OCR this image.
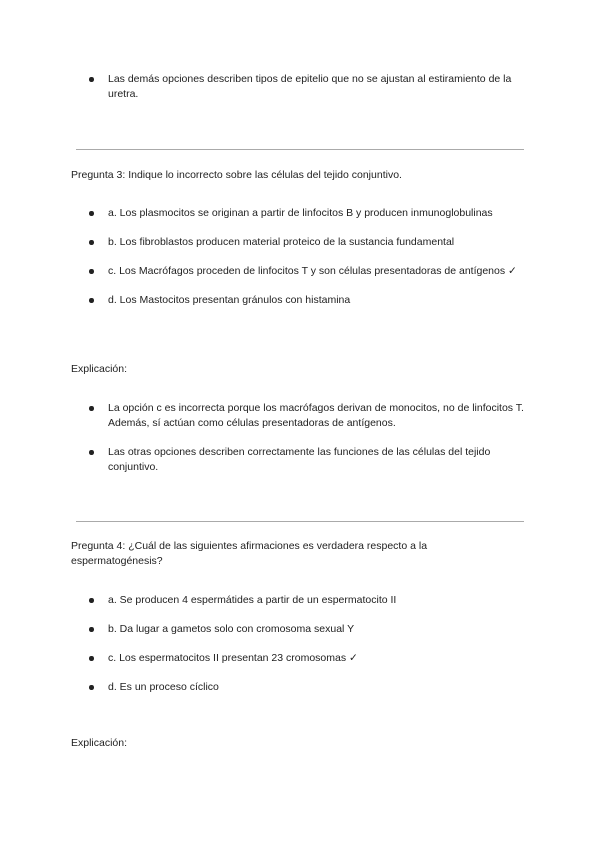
Las demás opciones describen tipos de epitelio que no se ajustan al estiramiento de la uretra.

Pregunta 3: Indique lo incorrecto sobre las células del tejido conjuntivo.

a. Los plasmocitos se originan a partir de linfocitos B y producen inmunoglobulinas
b. Los fibroblastos producen material proteico de la sustancia fundamental
c. Los Macrófagos proceden de linfocitos T y son células presentadoras de antígenos ✓
d. Los Mastocitos presentan gránulos con histamina

Explicación:

La opción c es incorrecta porque los macrófagos derivan de monocitos, no de linfocitos T. Además, sí actúan como células presentadoras de antígenos.
Las otras opciones describen correctamente las funciones de las células del tejido conjuntivo.

Pregunta 4: ¿Cuál de las siguientes afirmaciones es verdadera respecto a la espermatogénesis?

a. Se producen 4 espermátides a partir de un espermatocito II
b. Da lugar a gametos solo con cromosoma sexual Y
c. Los espermatocitos II presentan 23 cromosomas ✓
d. Es un proceso cíclico

Explicación:
